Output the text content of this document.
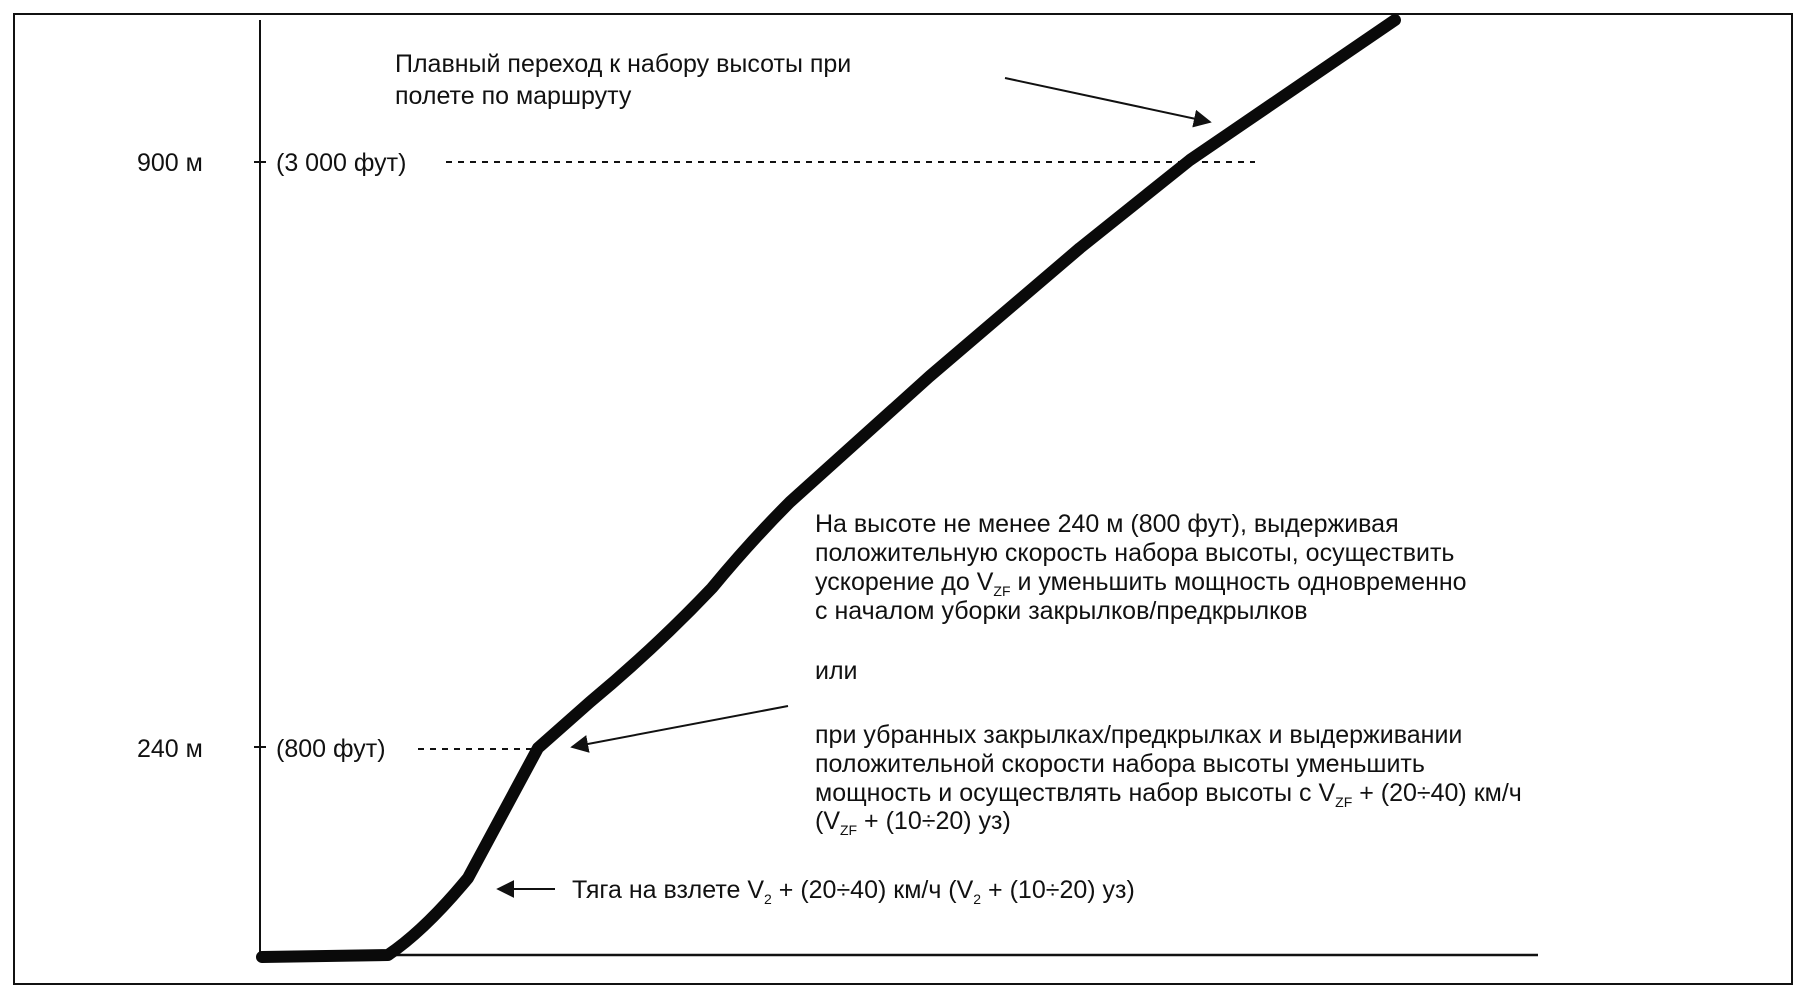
900 м	(3 000 фут)
240 м	(800 фут)
Плавный переход к набору высоты при полете по маршруту
На высоте не менее 240 м (800 фут), выдерживая положительную скорость набора высоты, осуществить ускорение до $V_{ZF}$ и уменьшить мощность одновременно с началом уборки закрылков/предкрылков
или
при убранных закрылках/предкрылках и выдерживании положительной скорости набора высоты уменьшить мощность и осуществлять набор высоты с $V_{ZF} + (20\div 40)$ км/ч ($V_{ZF} + (10\div 20)$ уз)
Тяга на взлете $V_2 + (20\div 40)$ км/ч ($V_2 + (10\div 20)$ уз)
